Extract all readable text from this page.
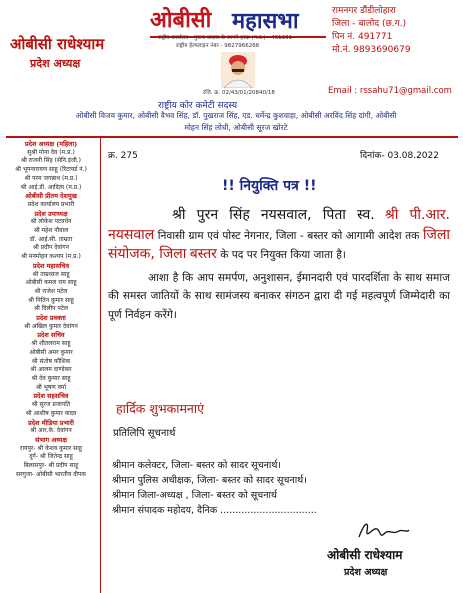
ओबीसी राधेश्याम
प्रदेश अध्यक्ष
ओबीसी महासभा
राष्ट्रीय कार्यालय - पुराना बाज़ार के सामने हरदा (म.प्र.) - 461331
राष्ट्रीय हेल्पलाइन नंबर - 9827966266
रजि. क्र. 02/43/01/20840/18
राष्ट्रीय कोर कमेटी सदस्य
रामनगर डौंडीलोहारा
जिला - बालोद (छ.ग.)
पिन नं. 491771
मो.नं. 9893690679
Email : rssahu71@gmail.com
ओबीसी विजय कुमार, ओबीसी वैभव सिंह, डॉ. पुखराज सिंह, एड. धर्मेन्द्र कुशवाहा, ओबीसी अरविंद सिंह दांगी, ओबीसी
मोहन सिंह लोधी, ओबीसी सूरज खोरटे
प्रदेश अध्यक्ष (महिला)
सुश्री मोना देव (म.प्र.)
श्री राजनी सिंह (सेनि.इंजी.)
श्री भूपनारायण साहू (रिटायर्ड नं.)
श्री परम जगन्नाथ (म.प्र.)
श्री आई.डी. आदित्य (म.प्र.)
ओबीसी प्रीतम देशमुख
प्रदेश कार्यालय प्रभारी
प्रदेश उपाध्यक्ष
श्री लोकेश पटवर्धन
श्री महेश नौवाल
डॉ. आई.सी. ताम्रता
श्री प्रदीप देवांगन
श्री मनमोहन कश्यप (म.प्र.)
प्रदेश महासचिव
श्री ताम्रध्वज साहू
ओबीसी कमल राम साहू
श्री राजेश पटेल
श्री नितिन कुमार साहू
श्री दिलीप पटेल
प्रदेश प्रवक्ता
श्री अखिल कुमार देवांगन
प्रदेश सचिव
श्री शीतलराम साहू
ओबीसी अमर कुमार
श्री संतोष कौशिक
श्री आलम दाण्डेकर
श्री देव कुमार साहू
श्री भूषण वर्मा
प्रदेश सहसचिव
श्री सूरज प्रजापति
श्री आशीष कुमार यादव
प्रदेश मीडिया प्रभारी
श्री आर.के. देवांगन
संभाग अध्यक्ष
रायपुर- श्री केशव कुमार साहू
दुर्ग- श्री जितेन्द्र साहू
बिलासपुर- श्री प्रदीप साहू
सरगुजा- ओबीसी भारतीय दीपक
क्र. 275	दिनांक- 03.08.2022
!! नियुक्ति पत्र !!

श्री पुरन सिंह नयसवाल, पिता स्व. श्री पी.आर. नयसवाल निवासी ग्राम एवं पोस्ट नेगनार, जिला - बस्तर को आगामी आदेश तक जिला संयोजक, जिला बस्तर के पद पर नियुक्त किया जाता है।

आशा है कि आप समर्पण, अनुशासन, ईमानदारी एवं पारदर्शिता के साथ समाज की समस्त जातियों के साथ सामंजस्य बनाकर संगठन द्वारा दी गई महत्वपूर्ण जिम्मेदारी का पूर्ण निर्वहन करेंगे।

हार्दिक शुभकामनाएं
प्रतिलिपि सूचनार्थ
श्रीमान कलेक्टर, जिला- बस्तर को सादर सूचनार्थ।
श्रीमान पुलिस अधीक्षक, जिला- बस्तर को सादर सूचनार्थ।
श्रीमान जिला-अध्यक्ष , जिला- बस्तर को सूचनार्थ
श्रीमान संपादक महोदय, दैनिक ................................
ओबीसी राधेश्याम
प्रदेश अध्यक्ष
